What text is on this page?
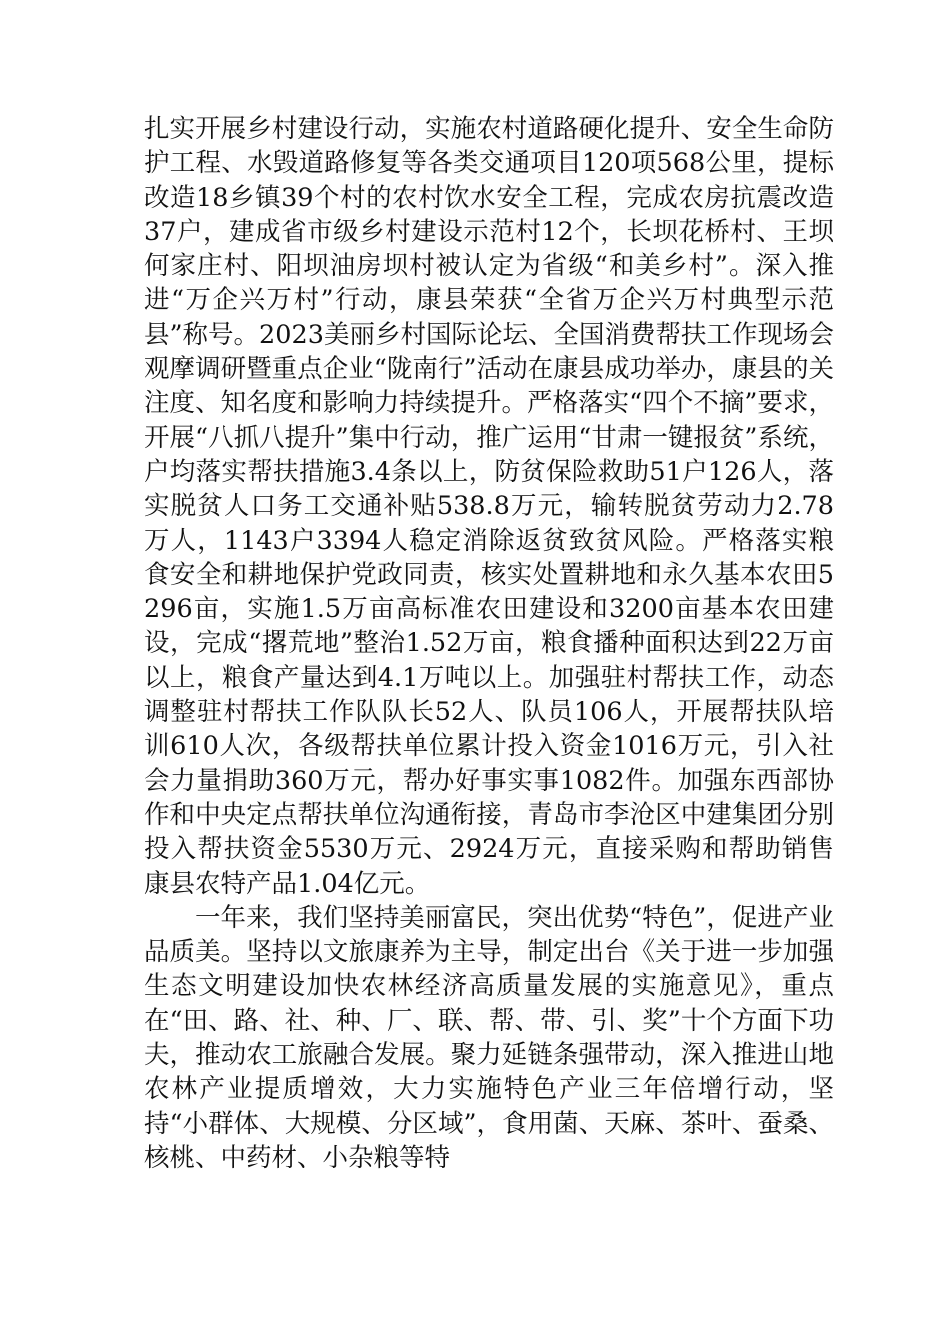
扎实开展乡村建设行动，实施农村道路硬化提升、安全生命防护工程、水毁道路修复等各类交通项目120项568公里，提标改造18乡镇39个村的农村饮水安全工程，完成农房抗震改造37户，建成省市级乡村建设示范村12个，长坝花桥村、王坝何家庄村、阳坝油房坝村被认定为省级“和美乡村”。深入推进“万企兴万村”行动，康县荣获“全省万企兴万村典型示范县”称号。2023美丽乡村国际论坛、全国消费帮扶工作现场会观摩调研暨重点企业“陇南行”活动在康县成功举办，康县的关注度、知名度和影响力持续提升。严格落实“四个不摘”要求，开展“八抓八提升”集中行动，推广运用“甘肃一键报贫”系统，户均落实帮扶措施3.4条以上，防贫保险救助51户126人，落实脱贫人口务工交通补贴538.8万元，输转脱贫劳动力2.78万人，1143户3394人稳定消除返贫致贫风险。严格落实粮食安全和耕地保护党政同责，核实处置耕地和永久基本农田5296亩，实施1.5万亩高标准农田建设和3200亩基本农田建设，完成“撂荒地”整治1.52万亩，粮食播种面积达到22万亩以上，粮食产量达到4.1万吨以上。加强驻村帮扶工作，动态调整驻村帮扶工作队队长52人、队员106人，开展帮扶队培训610人次，各级帮扶单位累计投入资金1016万元，引入社会力量捐助360万元，帮办好事实事1082件。加强东西部协作和中央定点帮扶单位沟通衔接，青岛市李沧区中建集团分别投入帮扶资金5530万元、2924万元，直接采购和帮助销售康县农特产品1.04亿元。

一年来，我们坚持美丽富民，突出优势“特色”，促进产业品质美。坚持以文旅康养为主导，制定出台《关于进一步加强生态文明建设加快农林经济高质量发展的实施意见》，重点在“田、路、社、种、厂、联、帮、带、引、奖”十个方面下功夫，推动农工旅融合发展。聚力延链条强带动，深入推进山地农林产业提质增效，大力实施特色产业三年倍增行动，坚持“小群体、大规模、分区域”，食用菌、天麻、茶叶、蚕桑、核桃、中药材、小杂粮等特
